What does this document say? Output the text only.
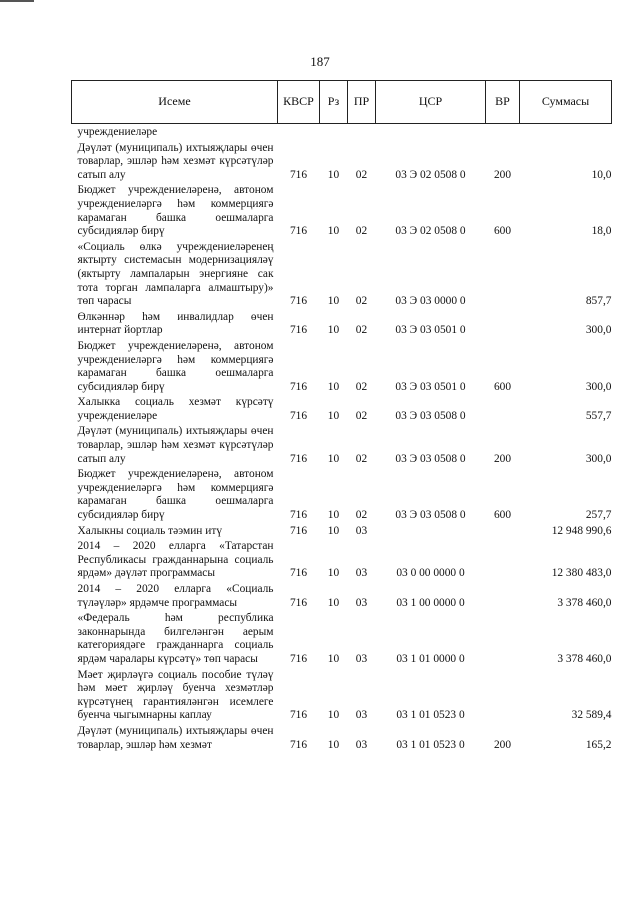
187
Исеме	КВСР	Рз	ПР	ЦСР	ВР	Суммасы
учреждениеләре						
Дәүләт (муниципаль) ихтыяҗлары өчен товарлар, эшләр һәм хезмәт күрсәтүләр сатып алу	716	10	02	03 Э 02 0508 0	200	10,0
Бюджет учреждениеләренә, автоном учреждениеләргә һәм коммерциягә карамаган башка оешмаларга субсидияләр бирү	716	10	02	03 Э 02 0508 0	600	18,0
«Социаль өлкә учреждениеләренең яктырту системасын модернизацияләү (яктырту лампаларын энергияне сак тота торган лампаларга алмаштыру)» төп чарасы	716	10	02	03 Э 03 0000 0		857,7
Өлкәннәр һәм инвалидлар өчен интернат йортлар	716	10	02	03 Э 03 0501 0		300,0
Бюджет учреждениеләренә, автоном учреждениеләргә һәм коммерциягә карамаган башка оешмаларга субсидияләр бирү	716	10	02	03 Э 03 0501 0	600	300,0
Халыкка социаль хезмәт күрсәтү учреждениеләре	716	10	02	03 Э 03 0508 0		557,7
Дәүләт (муниципаль) ихтыяҗлары өчен товарлар, эшләр һәм хезмәт күрсәтүләр сатып алу	716	10	02	03 Э 03 0508 0	200	300,0
Бюджет учреждениеләренә, автоном учреждениеләргә һәм коммерциягә карамаган башка оешмаларга субсидияләр бирү	716	10	02	03 Э 03 0508 0	600	257,7
Халыкны социаль тәэмин итү	716	10	03			12 948 990,6
2014 – 2020 елларга «Татарстан Республикасы гражданнарына социаль ярдәм» дәүләт программасы	716	10	03	03 0 00 0000 0		12 380 483,0
2014 – 2020 елларга «Социаль түләүләр» ярдәмче программасы	716	10	03	03 1 00 0000 0		3 378 460,0
«Федераль һәм республика законнарында билгеләнгән аерым категориядәге гражданнарга социаль ярдәм чаралары күрсәтү» төп чарасы	716	10	03	03 1 01 0000 0		3 378 460,0
Мәет җирләүгә социаль пособие түләү һәм мәет җирләү буенча хезмәтләр күрсәтүнең гарантияләнгән исемлеге буенча чыгымнарны каплау	716	10	03	03 1 01 0523 0		32 589,4
Дәүләт (муниципаль) ихтыяҗлары өчен товарлар, эшләр һәм хезмәт	716	10	03	03 1 01 0523 0	200	165,2
